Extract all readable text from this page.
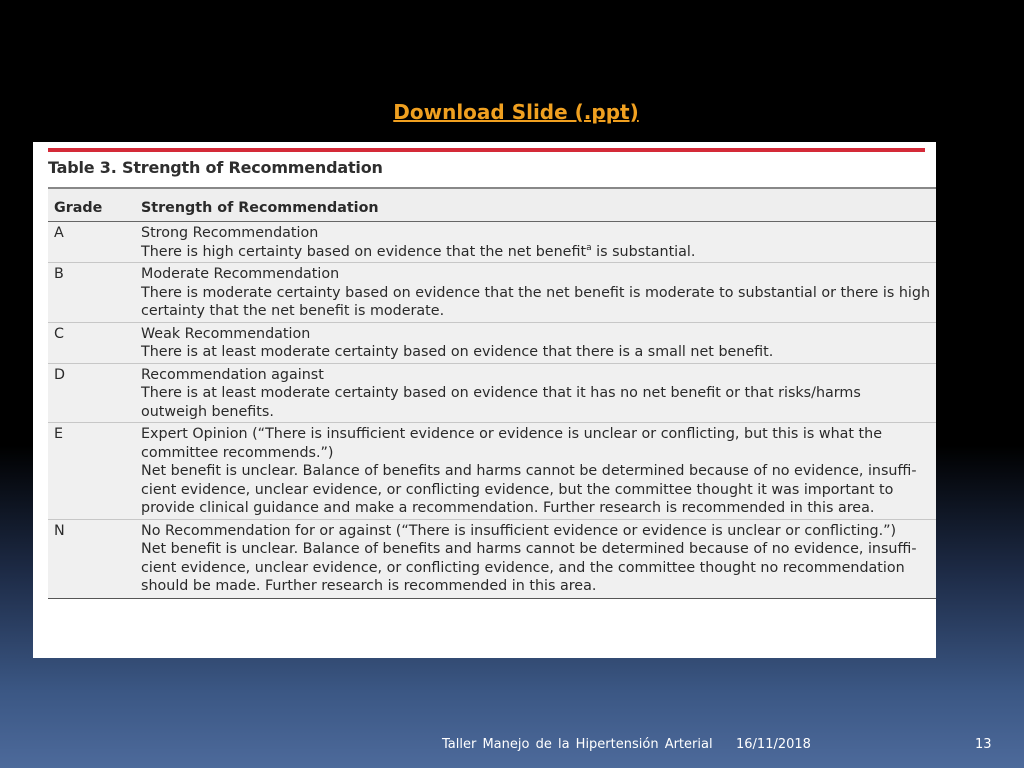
Download Slide (.ppt)
Table 3. Strength of Recommendation
Grade	Strength of Recommendation
A	Strong Recommendation
There is high certainty based on evidence that the net benefit$^a$ is substantial.

B	Moderate Recommendation
There is moderate certainty based on evidence that the net benefit is moderate to substantial or there is high certainty that the net benefit is moderate.

C	Weak Recommendation
There is at least moderate certainty based on evidence that there is a small net benefit.

D	Recommendation against
There is at least moderate certainty based on evidence that it has no net benefit or that risks/harms outweigh benefits.

E	Expert Opinion (“There is insufficient evidence or evidence is unclear or conflicting, but this is what the committee recommends.”)
Net benefit is unclear. Balance of benefits and harms cannot be determined because of no evidence, insuffi-cient evidence, unclear evidence, or conflicting evidence, but the committee thought it was important to provide clinical guidance and make a recommendation. Further research is recommended in this area.

N	No Recommendation for or against (“There is insufficient evidence or evidence is unclear or conflicting.”)
Net benefit is unclear. Balance of benefits and harms cannot be determined because of no evidence, insuffi-cient evidence, unclear evidence, or conflicting evidence, and the committee thought no recommendation should be made. Further research is recommended in this area.
Taller Manejo de la Hipertensión Arterial 16/11/2018	13
